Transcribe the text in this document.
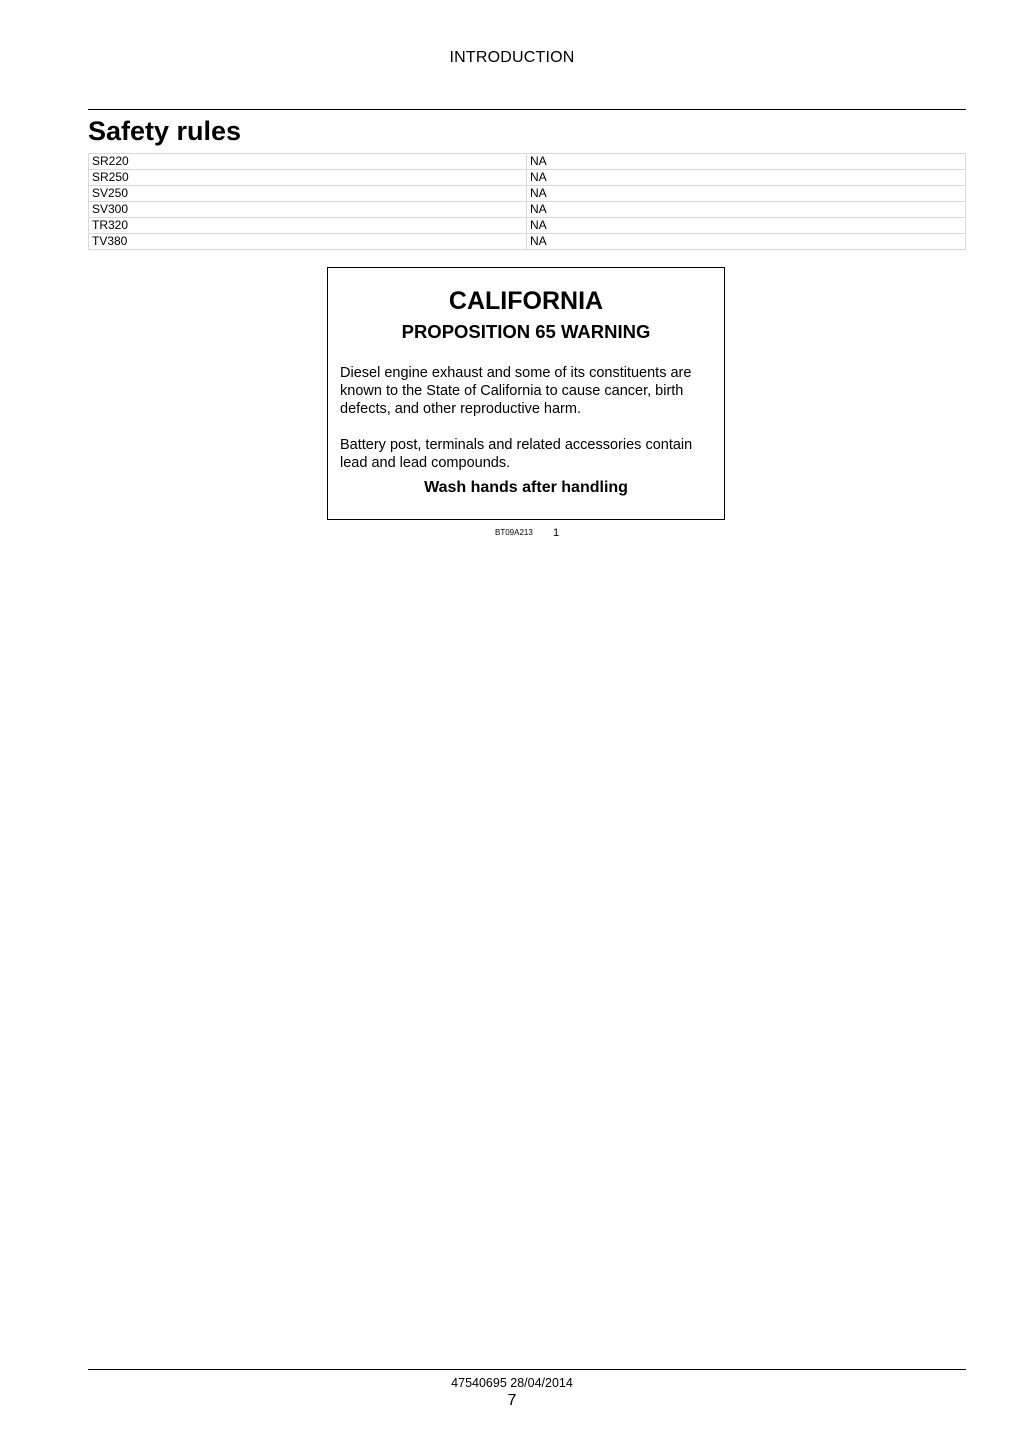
INTRODUCTION
Safety rules
SR220	NA
SR250	NA
SV250	NA
SV300	NA
TR320	NA
TV380	NA
CALIFORNIA
PROPOSITION 65 WARNING
Diesel engine exhaust and some of its constituents are known to the State of California to cause cancer, birth defects, and other reproductive harm.
Battery post, terminals and related accessories contain lead and lead compounds.
Wash hands after handling
BT09A213 1
47540695 28/04/2014
7
